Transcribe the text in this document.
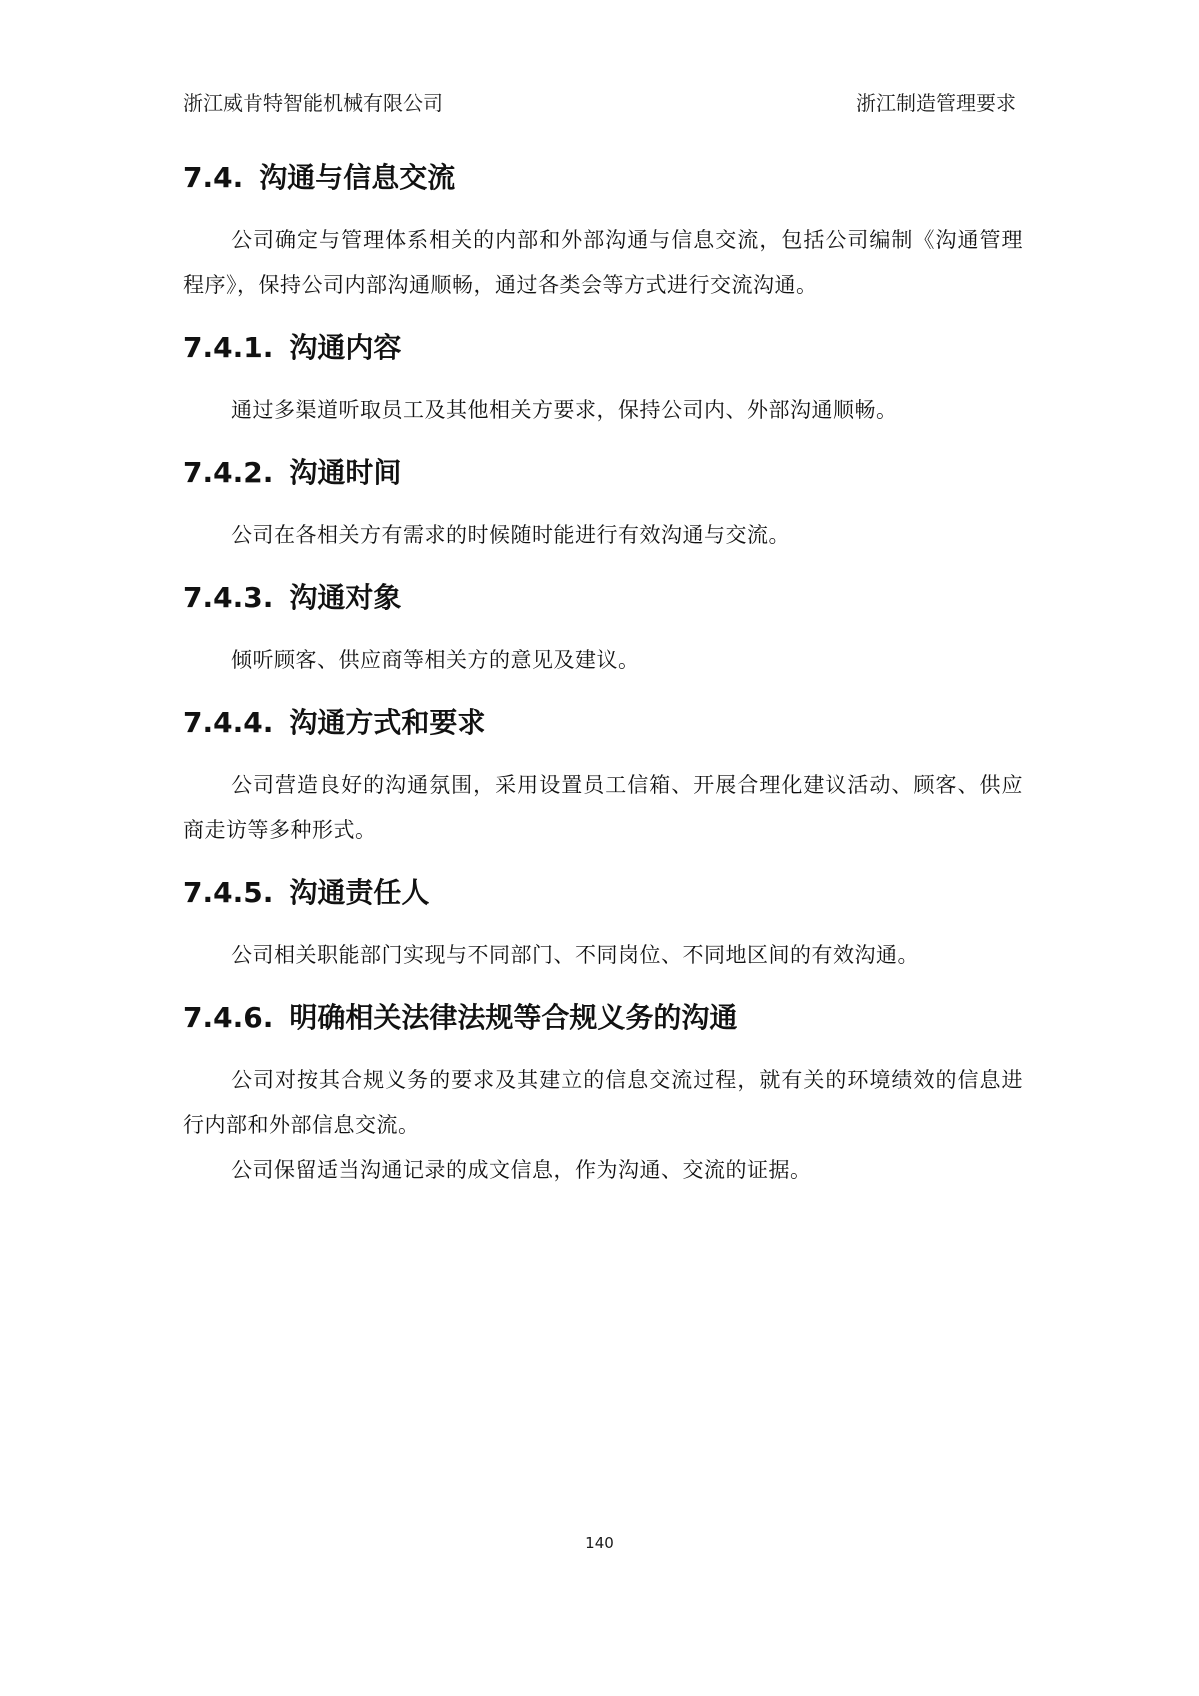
浙江威肯特智能机械有限公司	浙江制造管理要求
7.4. 沟通与信息交流

公司确定与管理体系相关的内部和外部沟通与信息交流，包括公司编制《沟通管理程序》，保持公司内部沟通顺畅，通过各类会等方式进行交流沟通。

7.4.1. 沟通内容

通过多渠道听取员工及其他相关方要求，保持公司内、外部沟通顺畅。

7.4.2. 沟通时间

公司在各相关方有需求的时候随时能进行有效沟通与交流。

7.4.3. 沟通对象

倾听顾客、供应商等相关方的意见及建议。

7.4.4. 沟通方式和要求

公司营造良好的沟通氛围，采用设置员工信箱、开展合理化建议活动、顾客、供应商走访等多种形式。

7.4.5. 沟通责任人

公司相关职能部门实现与不同部门、不同岗位、不同地区间的有效沟通。

7.4.6. 明确相关法律法规等合规义务的沟通

公司对按其合规义务的要求及其建立的信息交流过程，就有关的环境绩效的信息进行内部和外部信息交流。

公司保留适当沟通记录的成文信息，作为沟通、交流的证据。

140
